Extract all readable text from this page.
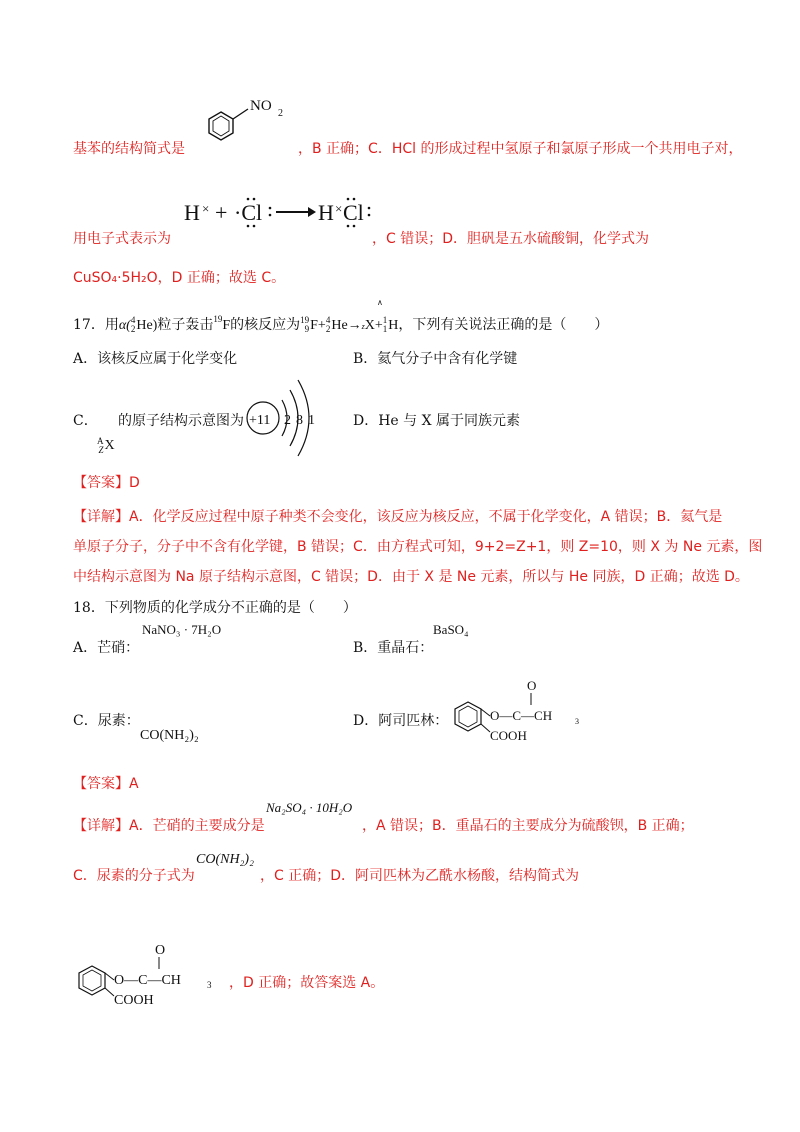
NO 2
基苯的结构简式是	，B 正确；C．HCl 的形成过程中氢原子和氯原子形成一个共用电子对，
H × + ·Cl	H × Cl
用电子式表示为	，C 错误；D．胆矾是五水硫酸铜，化学式为
CuSO₄·5H₂O，D 正确；故选 C。
17．用α(4
2He)粒子轰击$^{19}$F的核反应为19
9F+4
2He→zX+1
1H，下列有关说法正确的是（　　）
∧
A．该核反应属于化学变化	B．氦气分子中含有化学键
C． 的原子结构示意图为
A
ZX
+11 2 8 1	D．He 与 X 属于同族元素
【答案】D
【详解】A．化学反应过程中原子种类不会变化，该反应为核反应，不属于化学变化，A 错误；B．氦气是
单原子分子，分子中不含有化学键，B 错误；C．由方程式可知，9+2=Z+1，则 Z=10，则 X 为 Ne 元素，图
中结构示意图为 Na 原子结构示意图，C 错误；D．由于 X 是 Ne 元素，所以与 He 同族，D 正确；故选 D。
18．下列物质的化学成分不正确的是（　　）
A．芒硝：
NaNO₃ · 7H₂O
B．重晶石：
BaSO₄
C．尿素：
CO(NH₂)₂
D．阿司匹林：
O
O—C—CH	3
COOH
【答案】A
【详解】A．芒硝的主要成分是
Na₂SO₄ · 10H₂O
，A 错误；B．重晶石的主要成分为硫酸钡，B 正确；
C．尿素的分子式为
CO(NH₂)₂
，C 正确；D．阿司匹林为乙酰水杨酸，结构简式为
O
O—C—CH	3
COOH
，D 正确；故答案选 A。
